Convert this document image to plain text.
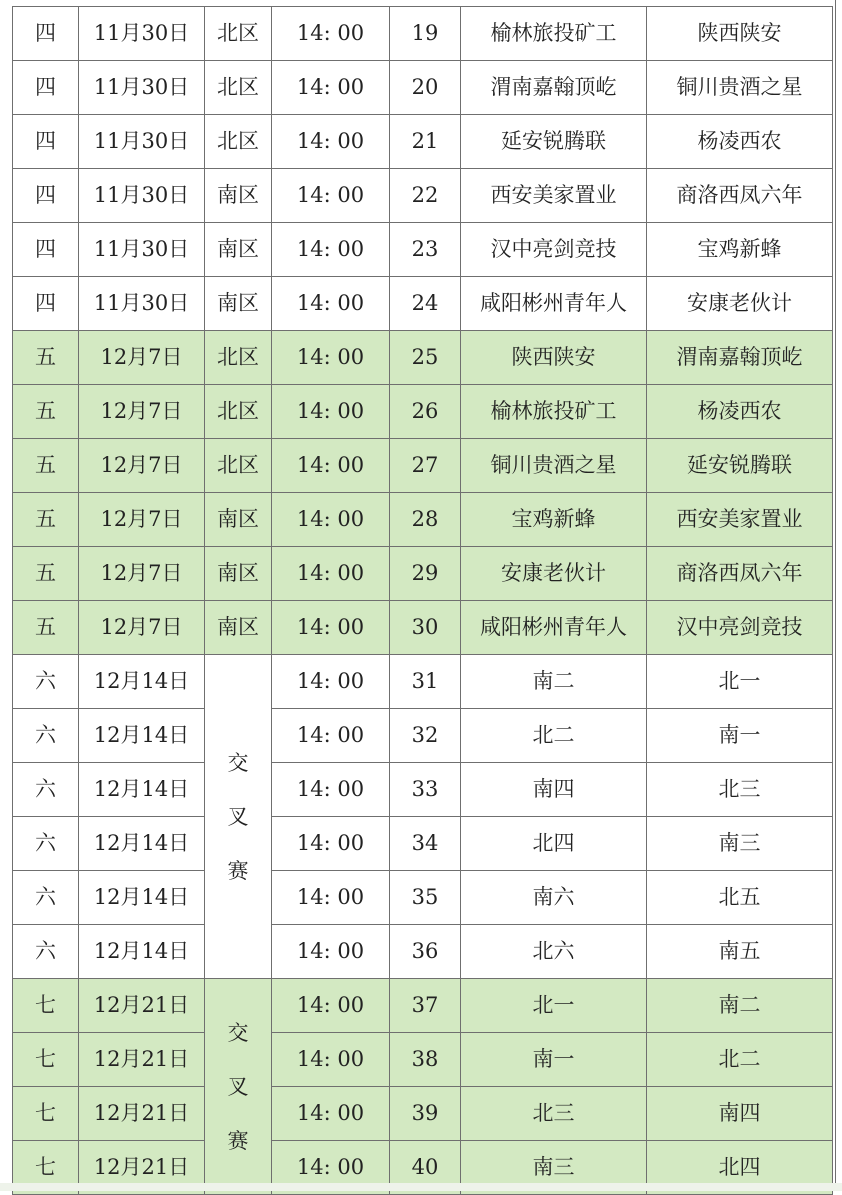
四	11月30日	北区	14: 00	19	榆林旅投矿工	陕西陕安
四	11月30日	北区	14: 00	20	渭南嘉翰顶屹	铜川贵酒之星
四	11月30日	北区	14: 00	21	延安锐腾联	杨凌西农
四	11月30日	南区	14: 00	22	西安美家置业	商洛西凤六年
四	11月30日	南区	14: 00	23	汉中亮剑竞技	宝鸡新蜂
四	11月30日	南区	14: 00	24	咸阳彬州青年人	安康老伙计
五	12月7日	北区	14: 00	25	陕西陕安	渭南嘉翰顶屹
五	12月7日	北区	14: 00	26	榆林旅投矿工	杨凌西农
五	12月7日	北区	14: 00	27	铜川贵酒之星	延安锐腾联
五	12月7日	南区	14: 00	28	宝鸡新蜂	西安美家置业
五	12月7日	南区	14: 00	29	安康老伙计	商洛西凤六年
五	12月7日	南区	14: 00	30	咸阳彬州青年人	汉中亮剑竞技
六	12月14日	交叉赛	14: 00	31	南二	北一
六	12月14日		14: 00	32	北二	南一
六	12月14日		14: 00	33	南四	北三
六	12月14日		14: 00	34	北四	南三
六	12月14日		14: 00	35	南六	北五
六	12月14日		14: 00	36	北六	南五
七	12月21日	交叉赛	14: 00	37	北一	南二
七	12月21日		14: 00	38	南一	北二
七	12月21日		14: 00	39	北三	南四
七	12月21日		14: 00	40	南三	北四
